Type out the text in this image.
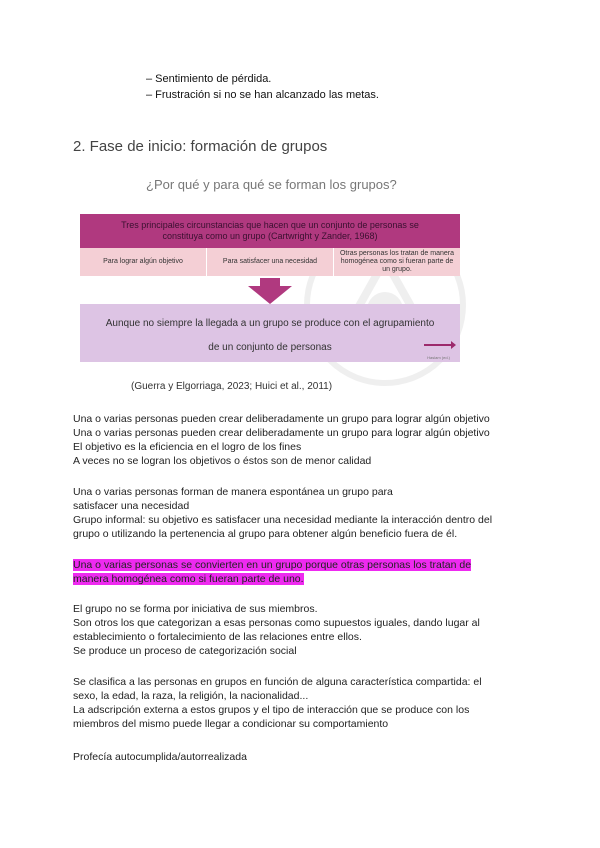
– Sentimiento de pérdida.
– Frustración si no se han alcanzado las metas.
2. Fase de inicio: formación de grupos
¿Por qué y para qué se forman los grupos?
Tres principales circunstancias que hacen que un conjunto de personas se
constituya como un grupo (Cartwright y Zander, 1968)
Para lograr algún objetivo	Para satisfacer una necesidad
Otras personas los tratan de manera homogénea como si fueran parte de un grupo.
Aunque no siempre la llegada a un grupo se produce con el agrupamiento
de un conjunto de personas
Haslam (ed.)
(Guerra y Elgorriaga, 2023; Huici et al., 2011)
Una o varias personas pueden crear deliberadamente un grupo para lograr algún objetivo
Una o varias personas pueden crear deliberadamente un grupo para lograr algún objetivo
El objetivo es la eficiencia en el logro de los fines
A veces no se logran los objetivos o éstos son de menor calidad
Una o varias personas forman de manera espontánea un grupo para
satisfacer una necesidad
Grupo informal: su objetivo es satisfacer una necesidad mediante la interacción dentro del
grupo o utilizando la pertenencia al grupo para obtener algún beneficio fuera de él.
Una o varias personas se convierten en un grupo porque otras personas los tratan de
manera homogénea como si fueran parte de uno.
El grupo no se forma por iniciativa de sus miembros.
Son otros los que categorizan a esas personas como supuestos iguales, dando lugar al
establecimiento o fortalecimiento de las relaciones entre ellos.
Se produce un proceso de categorización social
Se clasifica a las personas en grupos en función de alguna característica compartida: el
sexo, la edad, la raza, la religión, la nacionalidad...
La adscripción externa a estos grupos y el tipo de interacción que se produce con los
miembros del mismo puede llegar a condicionar su comportamiento
Profecía autocumplida/autorrealizada
